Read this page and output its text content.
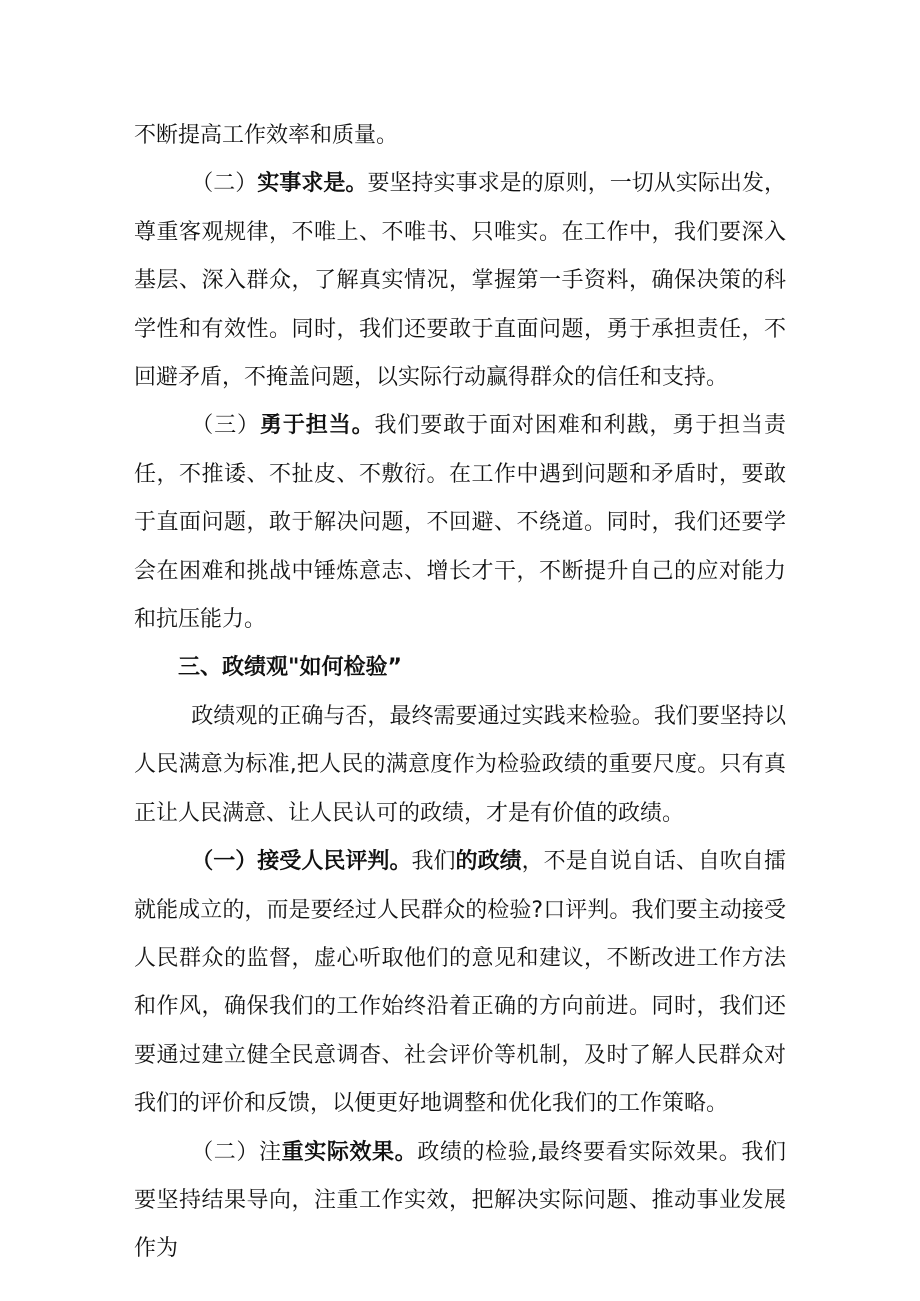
不断提高工作效率和质量。

（二）实事求是。要坚持实事求是的原则，一切从实际出发，尊重客观规律，不唯上、不唯书、只唯实。在工作中，我们要深入基层、深入群众，了解真实情况，掌握第一手资料，确保决策的科学性和有效性。同时，我们还要敢于直面问题，勇于承担责任，不回避矛盾，不掩盖问题，以实际行动赢得群众的信任和支持。

（三）勇于担当。我们要敢于面对困难和利戡，勇于担当责任，不推诿、不扯皮、不敷衍。在工作中遇到问题和矛盾时，要敢于直面问题，敢于解决问题，不回避、不绕道。同时，我们还要学会在困难和挑战中锤炼意志、增长才干，不断提升自己的应对能力和抗压能力。

三、政绩观"如何检验”

政绩观的正确与否，最终需要通过实践来检验。我们要坚持以人民满意为标准,把人民的满意度作为检验政绩的重要尺度。只有真正让人民满意、让人民认可的政绩，才是有价值的政绩。

（一）接受人民评判。我们的政绩，不是自说自话、自吹自擂就能成立的，而是要经过人民群众的检验?口评判。我们要主动接受人民群众的监督，虚心听取他们的意见和建议，不断改进工作方法和作风，确保我们的工作始终沿着正确的方向前进。同时，我们还要通过建立健全民意调杳、社会评价等机制，及时了解人民群众对我们的评价和反馈，以便更好地调整和优化我们的工作策略。

（二）注重实际效果。政绩的检验,最终要看实际效果。我们要坚持结果导向，注重工作实效，把解决实际问题、推动事业发展作为
